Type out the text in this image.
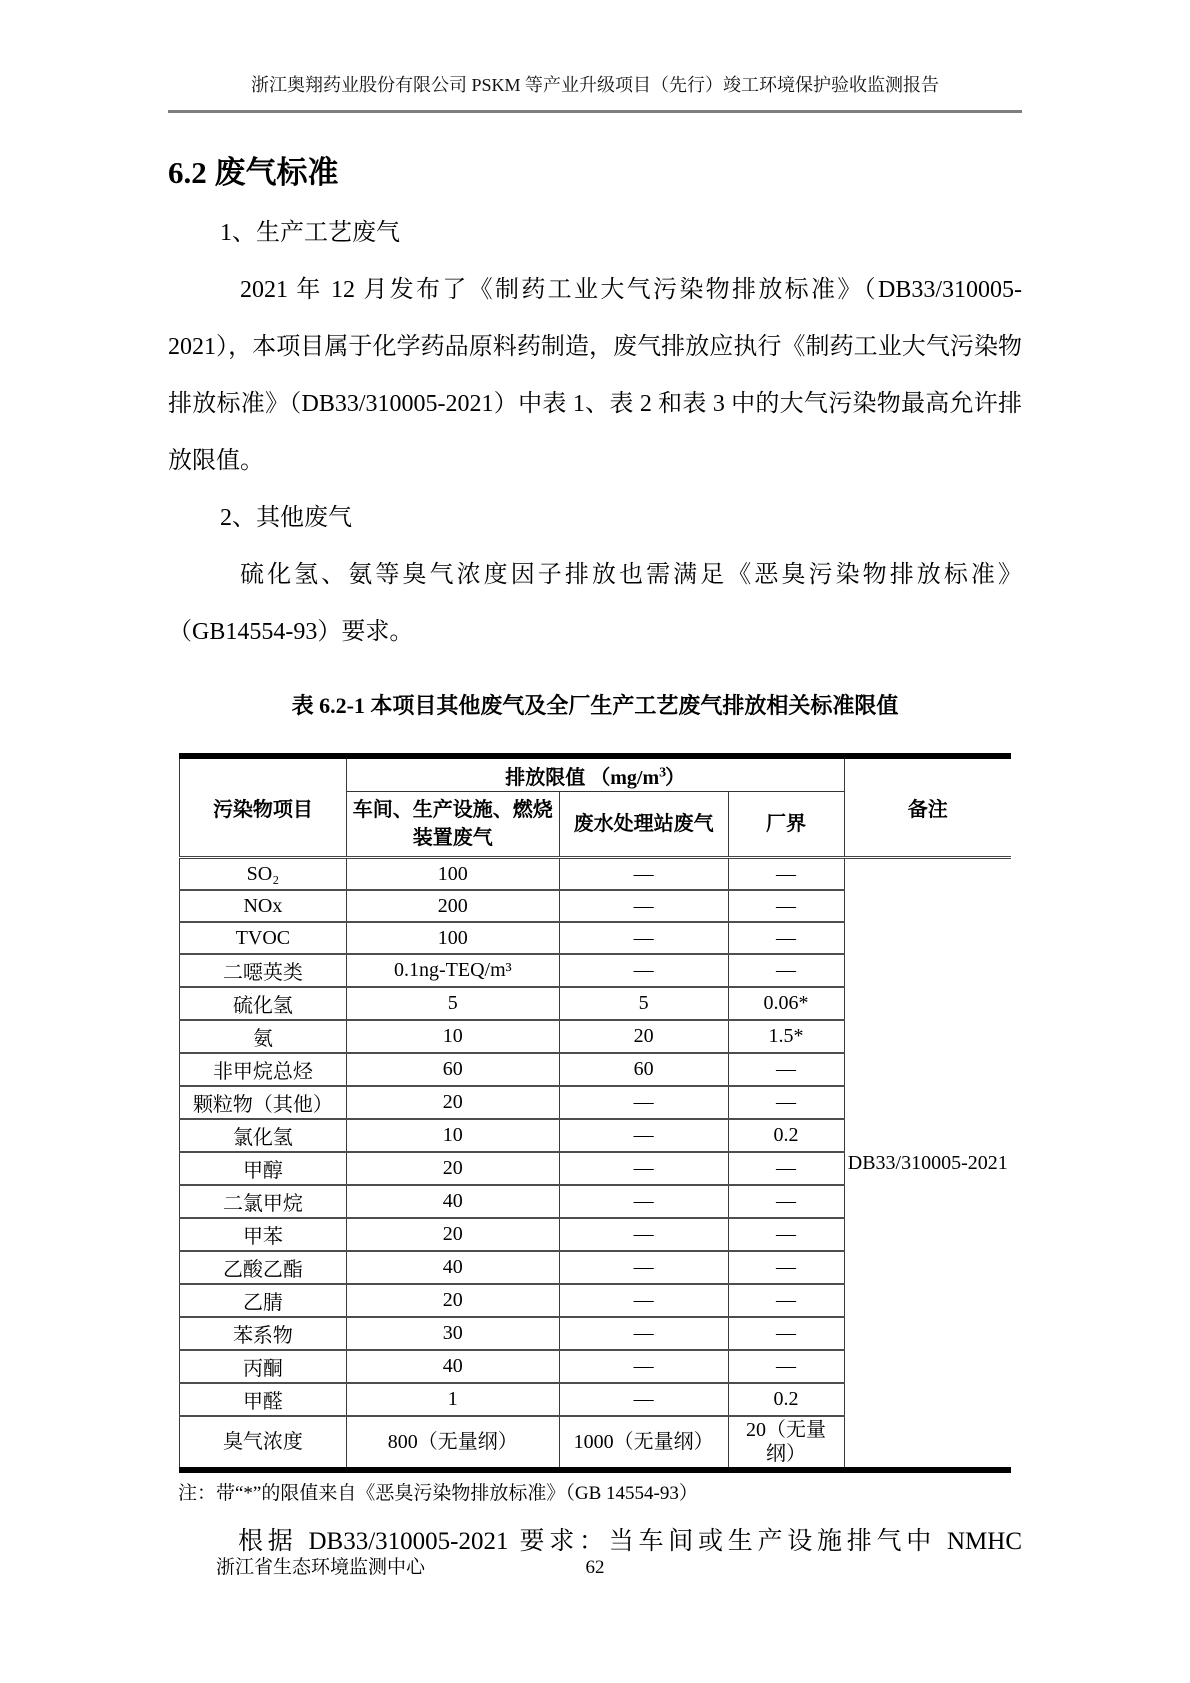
浙江奥翔药业股份有限公司 PSKM 等产业升级项目（先行）竣工环境保护验收监测报告
6.2 废气标准

1、生产工艺废气

2021 年 12 月发布了《制药工业大气污染物排放标准》（DB33/310005-2021），本项目属于化学药品原料药制造，废气排放应执行《制药工业大气污染物排放标准》（DB33/310005-2021）中表 1、表 2 和表 3 中的大气污染物最高允许排放限值。

2、其他废气

硫化氢、氨等臭气浓度因子排放也需满足《恶臭污染物排放标准》（GB14554-93）要求。

表 6.2-1 本项目其他废气及全厂生产工艺废气排放相关标准限值
污染物项目	排放限值 $(mg/m^3)$			备注
	车间、生产设施、燃烧装置废气	废水处理站废气	厂界	
SO₂	100	—	—	DB33/310005-2021
NOx	200	—	—	
TVOC	100	—	—	
二噁英类	0.1ng-TEQ/m³	—	—	
硫化氢	5	5	0.06*	
氨	10	20	1.5*	
非甲烷总烃	60	60	—	
颗粒物（其他）	20	—	—	
氯化氢	10	—	0.2	
甲醇	20	—	—	
二氯甲烷	40	—	—	
甲苯	20	—	—	
乙酸乙酯	40	—	—	
乙腈	20	—	—	
苯系物	30	—	—	
丙酮	40	—	—	
甲醛	1	—	0.2	
臭气浓度	800（无量纲）	1000（无量纲）	20（无量纲）	
注：带“*”的限值来自《恶臭污染物排放标准》（GB 14554-93）

根据 DB33/310005-2021 要求：当车间或生产设施排气中 NMHC

62
浙江省生态环境监测中心
